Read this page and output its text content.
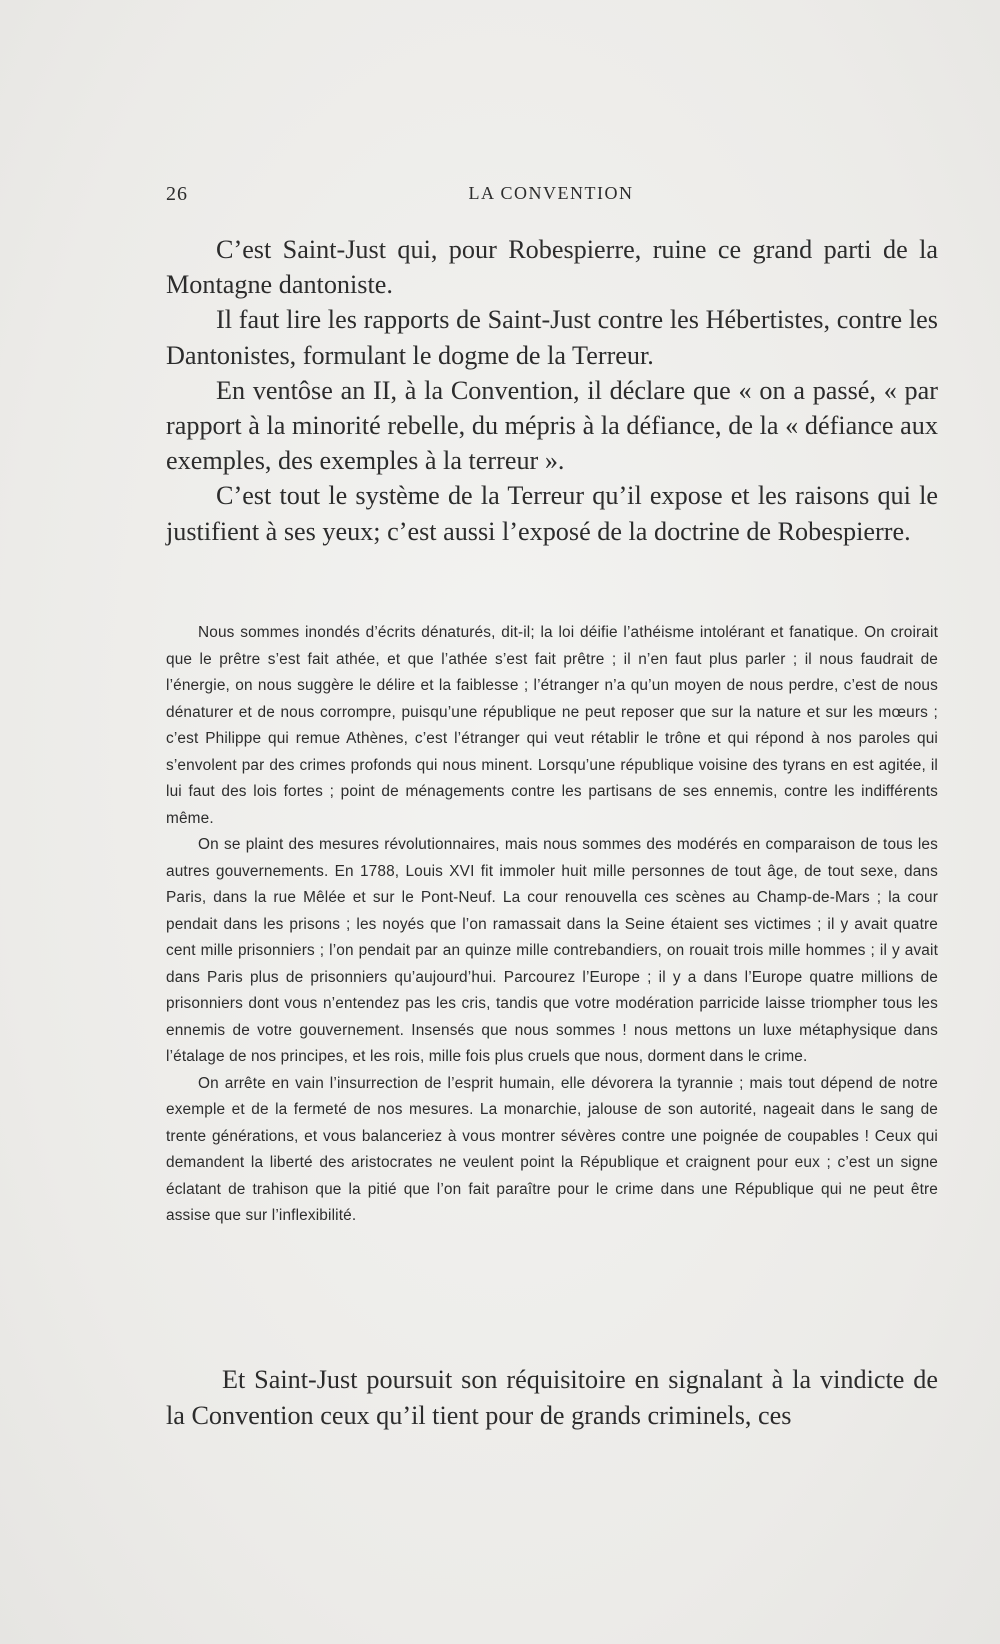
26	LA CONVENTION

C’est Saint-Just qui, pour Robespierre, ruine ce grand parti de la Montagne dantoniste.

Il faut lire les rapports de Saint-Just contre les Hébertistes, contre les Dantonistes, formulant le dogme de la Terreur.

En ventôse an II, à la Convention, il déclare que « on a passé, « par rapport à la minorité rebelle, du mépris à la défiance, de la « défiance aux exemples, des exemples à la terreur ».

C’est tout le système de la Terreur qu’il expose et les raisons qui le justifient à ses yeux; c’est aussi l’exposé de la doctrine de Robespierre.

Nous sommes inondés d’écrits dénaturés, dit-il; la loi déifie l’athéisme intolérant et fanatique. On croirait que le prêtre s’est fait athée, et que l’athée s’est fait prêtre ; il n’en faut plus parler ; il nous faudrait de l’énergie, on nous suggère le délire et la faiblesse ; l’étranger n’a qu’un moyen de nous perdre, c’est de nous dénaturer et de nous corrompre, puisqu’une république ne peut reposer que sur la nature et sur les mœurs ; c’est Philippe qui remue Athènes, c’est l’étranger qui veut rétablir le trône et qui répond à nos paroles qui s’envolent par des crimes profonds qui nous minent. Lorsqu’une république voisine des tyrans en est agitée, il lui faut des lois fortes ; point de ménagements contre les partisans de ses ennemis, contre les indifférents même.

On se plaint des mesures révolutionnaires, mais nous sommes des modérés en comparaison de tous les autres gouvernements. En 1788, Louis XVI fit immoler huit mille personnes de tout âge, de tout sexe, dans Paris, dans la rue Mêlée et sur le Pont-Neuf. La cour renouvella ces scènes au Champ-de-Mars ; la cour pendait dans les prisons ; les noyés que l’on ramassait dans la Seine étaient ses victimes ; il y avait quatre cent mille prisonniers ; l’on pendait par an quinze mille contrebandiers, on rouait trois mille hommes ; il y avait dans Paris plus de prisonniers qu’aujourd’hui. Parcourez l’Europe ; il y a dans l’Europe quatre millions de prisonniers dont vous n’entendez pas les cris, tandis que votre modération parricide laisse triompher tous les ennemis de votre gouvernement. Insensés que nous sommes ! nous mettons un luxe métaphysique dans l’étalage de nos principes, et les rois, mille fois plus cruels que nous, dorment dans le crime.

On arrête en vain l’insurrection de l’esprit humain, elle dévorera la tyrannie ; mais tout dépend de notre exemple et de la fermeté de nos mesures. La monarchie, jalouse de son autorité, nageait dans le sang de trente générations, et vous balanceriez à vous montrer sévères contre une poignée de coupables ! Ceux qui demandent la liberté des aristocrates ne veulent point la République et craignent pour eux ; c’est un signe éclatant de trahison que la pitié que l’on fait paraître pour le crime dans une République qui ne peut être assise que sur l’inflexibilité.

Et Saint-Just poursuit son réquisitoire en signalant à la vindicte de la Convention ceux qu’il tient pour de grands criminels, ces
